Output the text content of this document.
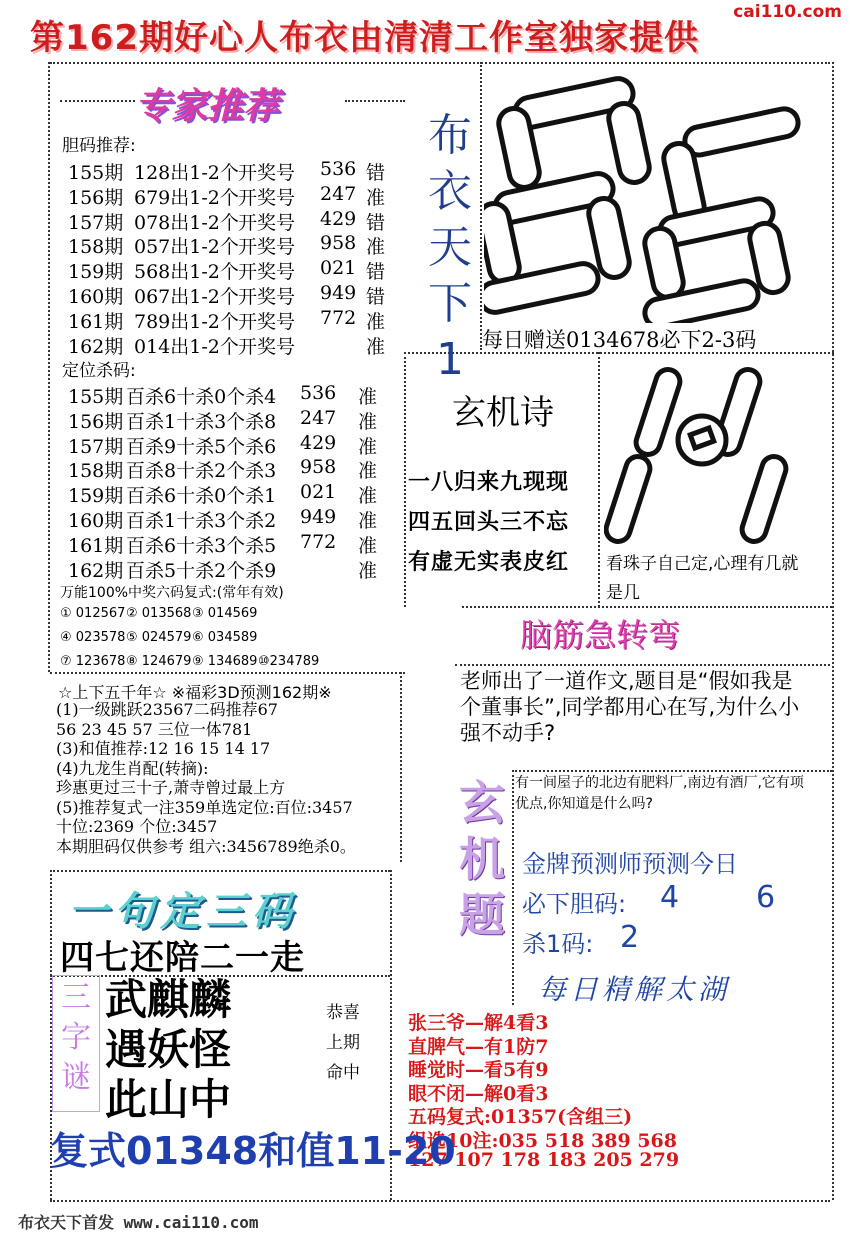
第162期好心人布衣由清清工作室独家提供
cai110.com
专家推荐
胆码推荐:
155期 128出1-2个 开奖号 536 错
156期 679出1-2个 开奖号 247 准
157期 078出1-2个 开奖号 429 错
158期 057出1-2个 开奖号 958 准
159期 568出1-2个 开奖号 021 错
160期 067出1-2个 开奖号 949 错
161期 789出1-2个 开奖号 772 准
162期 014出1-2个 开奖号	准
定位杀码:
155期 百杀6十杀0个杀4 536 准
156期 百杀1十杀3个杀8 247 准
157期 百杀9十杀5个杀6 429 准
158期 百杀8十杀2个杀3 958 准
159期 百杀6十杀0个杀1 021 准
160期 百杀1十杀3个杀2 949 准
161期 百杀6十杀3个杀5 772 准
162期 百杀5十杀2个杀9	准
万能100%中奖六码复式:(常年有效)
① 012567 ② 013568 ③ 014569
④ 023578 ⑤ 024579 ⑥ 034589
⑦ 123678 ⑧ 124679 ⑨ 134689 ⑩234789
布
衣
天
下
1 每日赠送0134678必下2-3码
玄机诗
一八归来九现现
四五回头三不忘
有虚无实表皮红 看珠子自己定,心理有几就是几
脑筋急转弯
老师出了一道作文,题目是“假如我是个董事长”,同学都用心在写,为什么小强不动手?
☆上下五千年☆ ※福彩3D预测162期※
(1)一级跳跃23567二码推荐67
56 23 45 57 三位一体781
(3)和值推荐:12 16 15 14 17
(4)九龙生肖配(转摘):
珍惠更过三十子,萧寺曾过最上方
(5)推荐复式一注359单选定位:百位:3457
十位:2369 个位:3457
本期胆码仅供参考 组六:3456789绝杀0。
玄
机
题
有一间屋子的北边有肥料厂,南边有酒厂,它有项优点,你知道是什么吗?
金牌预测师预测今日
必下胆码: 4	6
杀1码: 2
每日精解太湖
张三爷—解4看3
直脾气—有1防7
睡觉时—看5有9
眼不闭—解0看3
五码复式:01357(含组三)
组选10注:035 518 389 568
127 107 178 183 205 279
一句定三码
四七还陪二一走
三
字
谜
武麒麟
遇妖怪
此山中
恭喜
上期
命中
复式01348和值11-20
布衣天下首发 www.cai110.com
